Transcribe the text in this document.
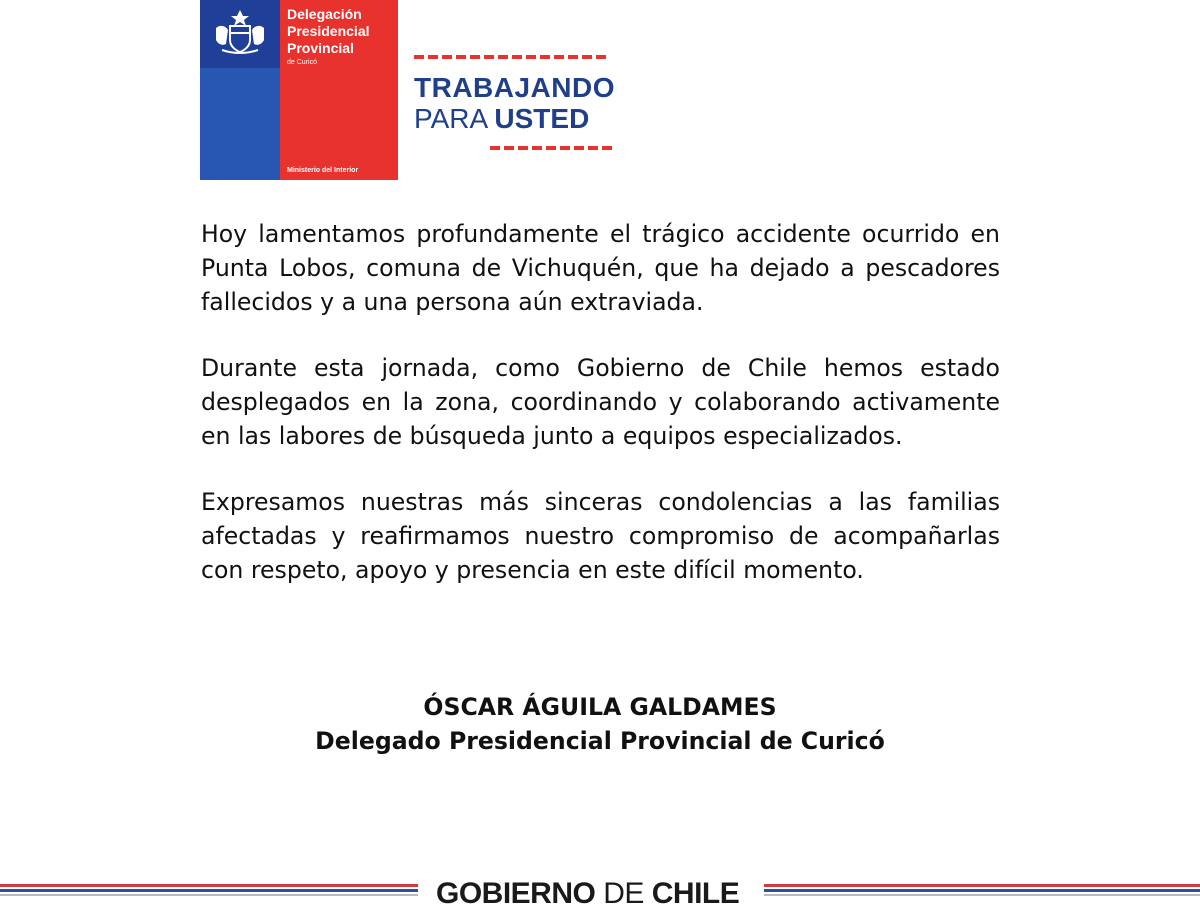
Delegación
Presidencial
Provincial
de Curicó
Ministerio del Interior
TRABAJANDO
PARA USTED

Hoy lamentamos profundamente el trágico accidente ocurrido en Punta Lobos, comuna de Vichuquén, que ha dejado a pescadores fallecidos y a una persona aún extraviada.

Durante esta jornada, como Gobierno de Chile hemos estado desplegados en la zona, coordinando y colaborando activamente en las labores de búsqueda junto a equipos especializados.

Expresamos nuestras más sinceras condolencias a las familias afectadas y reafirmamos nuestro compromiso de acompañarlas con respeto, apoyo y presencia en este difícil momento.

ÓSCAR ÁGUILA GALDAMES
Delegado Presidencial Provincial de Curicó
GOBIERNO DE CHILE
